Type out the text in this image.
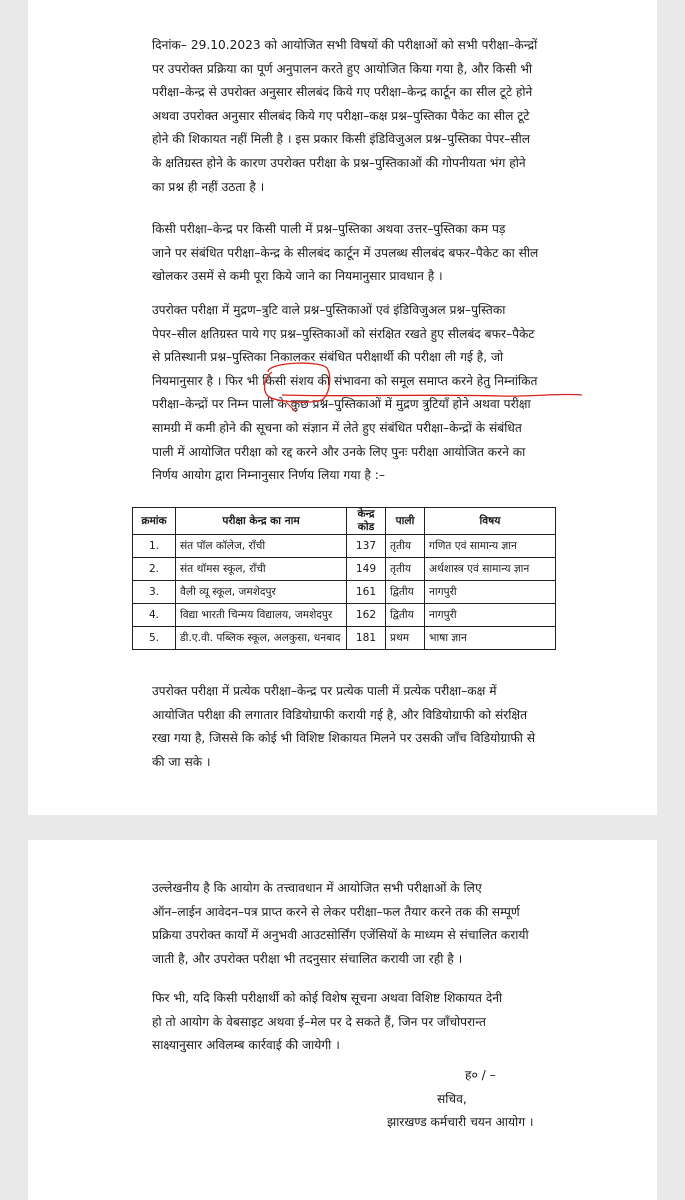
दिनांक– 29.10.2023 को आयोजित सभी विषयों की परीक्षाओं को सभी परीक्षा–केन्द्रों
पर उपरोक्त प्रक्रिया का पूर्ण अनुपालन करते हुए आयोजित किया गया है, और किसी भी
परीक्षा–केन्द्र से उपरोक्त अनुसार सीलबंद किये गए परीक्षा–केन्द्र कार्टून का सील टूटे होने
अथवा उपरोक्त अनुसार सीलबंद किये गए परीक्षा–कक्ष प्रश्न–पुस्तिका पैकेट का सील टूटे
होने की शिकायत नहीं मिली है । इस प्रकार किसी इंडिविजुअल प्रश्न–पुस्तिका पेपर–सील
के क्षतिग्रस्त होने के कारण उपरोक्त परीक्षा के प्रश्न–पुस्तिकाओं की गोपनीयता भंग होने
का प्रश्न ही नहीं उठता है ।

किसी परीक्षा–केन्द्र पर किसी पाली में प्रश्न–पुस्तिका अथवा उत्तर–पुस्तिका कम पड़
जाने पर संबंधित परीक्षा–केन्द्र के सीलबंद कार्टून में उपलब्ध सीलबंद बफर–पैकेट का सील
खोलकर उसमें से कमी पूरा किये जाने का नियमानुसार प्रावधान है ।

उपरोक्त परीक्षा में मुद्रण–त्रुटि वाले प्रश्न–पुस्तिकाओं एवं इंडिविजुअल प्रश्न–पुस्तिका
पेपर–सील क्षतिग्रस्त पाये गए प्रश्न–पुस्तिकाओं को संरक्षित रखते हुए सीलबंद बफर–पैकेट
से प्रतिस्थानी प्रश्न–पुस्तिका निकालकर संबंधित परीक्षार्थी की परीक्षा ली गई है, जो
नियमानुसार है । फिर भी किसी संशय की संभावना को समूल समाप्त करने हेतु निम्नांकित
परीक्षा–केन्द्रों पर निम्न पाली के कुछ प्रश्न–पुस्तिकाओं में मुद्रण त्रुटियाँ होने अथवा परीक्षा
सामग्री में कमी होने की सूचना को संज्ञान में लेते हुए संबंधित परीक्षा–केन्द्रों के संबंधित
पाली में आयोजित परीक्षा को रद्द करने और उनके लिए पुनः परीक्षा आयोजित करने का
निर्णय आयोग द्वारा निम्नानुसार निर्णय लिया गया है :–

क्रमांक	परीक्षा केन्द्र का नाम	केन्द्र कोड	पाली	विषय
1.	संत पॉल कॉलेज, राँची	137	तृतीय	गणित एवं सामान्य ज्ञान
2.	संत थॉमस स्कूल, राँची	149	तृतीय	अर्थशास्त्र एवं सामान्य ज्ञान
3.	वैली व्यू स्कूल, जमशेदपुर	161	द्वितीय	नागपुरी
4.	विद्या भारती चिन्मय विद्यालय, जमशेदपुर	162	द्वितीय	नागपुरी
5.	डी.ए.वी. पब्लिक स्कूल, अलकुसा, धनबाद	181	प्रथम	भाषा ज्ञान

उपरोक्त परीक्षा में प्रत्येक परीक्षा–केन्द्र पर प्रत्येक पाली में प्रत्येक परीक्षा–कक्ष में
आयोजित परीक्षा की लगातार विडियोग्राफी करायी गई है, और विडियोग्राफी को संरक्षित
रखा गया है, जिससे कि कोई भी विशिष्ट शिकायत मिलने पर उसकी जाँच विडियोग्राफी से
की जा सके ।

उल्लेखनीय है कि आयोग के तत्त्वावधान में आयोजित सभी परीक्षाओं के लिए
ऑन–लाईन आवेदन–पत्र प्राप्त करने से लेकर परीक्षा–फल तैयार करने तक की सम्पूर्ण
प्रक्रिया उपरोक्त कार्यों में अनुभवी आउटसोर्सिंग एजेंसियों के माध्यम से संचालित करायी
जाती है, और उपरोक्त परीक्षा भी तदनुसार संचालित करायी जा रही है ।

फिर भी, यदि किसी परीक्षार्थी को कोई विशेष सूचना अथवा विशिष्ट शिकायत देनी
हो तो आयोग के वेबसाइट अथवा ई–मेल पर दे सकते हैं, जिन पर जाँचोपरान्त
साक्ष्यानुसार अविलम्ब कार्रवाई की जायेगी ।

ह० / –
सचिव,
झारखण्ड कर्मचारी चयन आयोग ।
